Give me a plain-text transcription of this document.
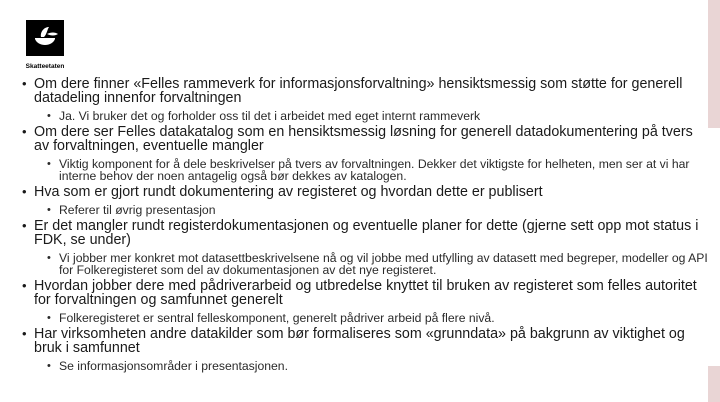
Skatteetaten
• Om dere finner «Felles rammeverk for informasjonsforvaltning» hensiktsmessig som støtte for generell datadeling innenfor forvaltningen
• Ja. Vi bruker det og forholder oss til det i arbeidet med eget internt rammeverk
• Om dere ser Felles datakatalog som en hensiktsmessig løsning for generell datadokumentering på tvers av forvaltningen, eventuelle mangler
• Viktig komponent for å dele beskrivelser på tvers av forvaltningen. Dekker det viktigste for helheten, men ser at vi har interne behov der noen antagelig også bør dekkes av katalogen.
• Hva som er gjort rundt dokumentering av registeret og hvordan dette er publisert
• Referer til øvrig presentasjon
• Er det mangler rundt registerdokumentasjonen og eventuelle planer for dette (gjerne sett opp mot status i FDK, se under)
• Vi jobber mer konkret mot datasettbeskrivelsene nå og vil jobbe med utfylling av datasett med begreper, modeller og API for Folkeregisteret som del av dokumentasjonen av det nye registeret.
• Hvordan jobber dere med pådriverarbeid og utbredelse knyttet til bruken av registeret som felles autoritet for forvaltningen og samfunnet generelt
• Folkeregisteret er sentral felleskomponent, generelt pådriver arbeid på flere nivå.
• Har virksomheten andre datakilder som bør formaliseres som «grunndata» på bakgrunn av viktighet og bruk i samfunnet
• Se informasjonsområder i presentasjonen.
